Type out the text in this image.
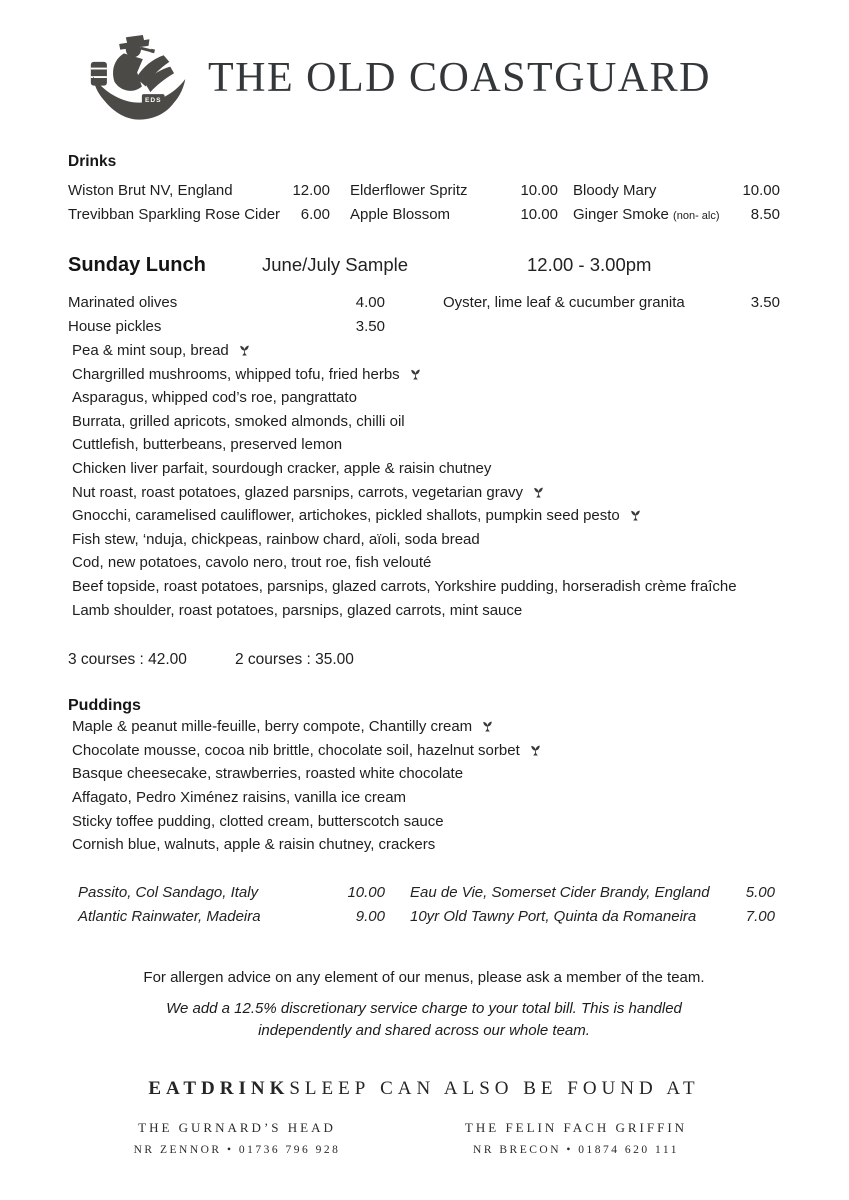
EDS THE OLD COASTGUARD
Drinks
Wiston Brut NV, England	12.00	Elderflower Spritz	10.00	Bloody Mary	10.00
Trevibban Sparkling Rose Cider	6.00	Apple Blossom	10.00	Ginger Smoke (non- alc)	8.50
Sunday Lunch	June/July Sample	12.00 - 3.00pm
Marinated olives	4.00	Oyster, lime leaf & cucumber granita	3.50
House pickles	3.50
Pea & mint soup, bread
Chargrilled mushrooms, whipped tofu, fried herbs
Asparagus, whipped cod’s roe, pangrattato
Burrata, grilled apricots, smoked almonds, chilli oil
Cuttlefish, butterbeans, preserved lemon
Chicken liver parfait, sourdough cracker, apple & raisin chutney
Nut roast, roast potatoes, glazed parsnips, carrots, vegetarian gravy
Gnocchi, caramelised cauliflower, artichokes, pickled shallots, pumpkin seed pesto
Fish stew, ‘nduja, chickpeas, rainbow chard, aïoli, soda bread
Cod, new potatoes, cavolo nero, trout roe, fish velouté
Beef topside, roast potatoes, parsnips, glazed carrots, Yorkshire pudding, horseradish crème fraîche
Lamb shoulder, roast potatoes, parsnips, glazed carrots, mint sauce
3 courses : 42.00	2 courses : 35.00
Puddings
Maple & peanut mille-feuille, berry compote, Chantilly cream
Chocolate mousse, cocoa nib brittle, chocolate soil, hazelnut sorbet
Basque cheesecake, strawberries, roasted white chocolate
Affagato, Pedro Ximénez raisins, vanilla ice cream
Sticky toffee pudding, clotted cream, butterscotch sauce
Cornish blue, walnuts, apple & raisin chutney, crackers
Passito, Col Sandago, Italy	10.00	Eau de Vie, Somerset Cider Brandy, England	5.00
Atlantic Rainwater, Madeira	9.00	10yr Old Tawny Port, Quinta da Romaneira	7.00
For allergen advice on any element of our menus, please ask a member of the team.
We add a 12.5% discretionary service charge to your total bill. This is handled
independently and shared across our whole team.
EATDRINKSLEEP CAN ALSO BE FOUND AT
THE GURNARD’S HEAD
NR ZENNOR • 01736 796 928
THE FELIN FACH GRIFFIN
NR BRECON • 01874 620 111
